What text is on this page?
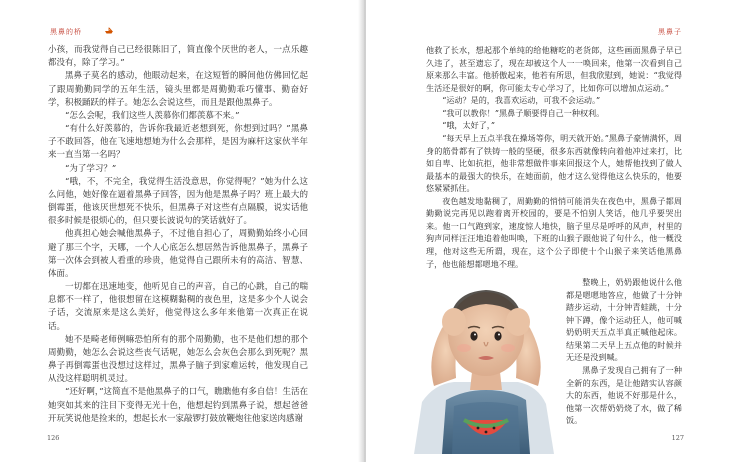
黑鼻的桥

小孩，而我觉得自己已经很陈旧了，简直像个厌世的老人，一点乐趣都没有，除了学习。”

黑鼻子莫名的感动，他眼动起来，在这短暂的瞬间他仿佛回忆起了跟周勤勤同学的五年生活，镜头里都是周勤勤乖巧懂事、勤奋好学，积极踊跃的样子。她怎么会说这些，而且是跟他黑鼻子。

“怎么会呢，我们这些人羡慕你们都羡慕不来。”

“有什么好羡慕的，告诉你我最近老想到死，你想到过吗？”黑鼻子不敢回答，他在飞速地想她为什么会那样，是因为麻杆这家伙半年来一直当第一名吗？

“为了学习？”

“哦，不，不完全，我觉得生活没意思，你觉得呢？”她为什么这么问他，她好像在逼着黑鼻子回答，因为他是黑鼻子吗？班上最大的倒霉蛋，他该厌世想死不快乐，但黑鼻子对这些有点隔膜，说实话他很多时候是很烦心的，但只要长波说句的笑话就好了。

他真担心她会喊他黑鼻子，不过他自担心了，周勤勤始终小心回避了那三个字，天哪，一个人心底怎么想居然告诉他黑鼻子，黑鼻子第一次体会到被人看重的珍贵，他觉得自己跟所未有的高洁、智慧、体面。

一切都在迅速地变，他听见自己的声音，自己的心跳，自己的喘息都不一样了，他很想留在这模糊黏稠的夜色里，这是多少个人说会子话，交流原来是这么美好，他觉得这么多年来他第一次真正在说话。

她不是畸老师例嘛恐怕所有的那个周勤勤，也不是他们想的那个周勤勤，她怎么会说这些丧气话呢，她怎么会灰色会那么到死呢？黑鼻子再倒霉蛋也没想过这样过，黑鼻子脑子到家难运转，他发现自己从没这样聪明机灵过。

“还好啊，”这简直不是他黑鼻子的口气，瞧瞧他有多自信！生活在她突如其来的注目下变得无光十色，他想起钓到黑鼻子说，想起爸爸开玩笑说他是捡来的，想起长水一家敲锣打鼓放鞭炮往他家送肉感谢

126
黑鼻子

他救了长水，想起那个单纯的给他糖吃的老货郎，这些画面黑鼻子早已久违了，甚至遗忘了，现在却被这个人一一唤回来，他第一次看到自己原来那么丰富。他骄傲起来，他若有所思，但我欣慰到，她说：“我觉得生活还是很好的啊，你可能太专心学习了，比如你可以增加点运动。”

“运动？是的，我喜欢运动，可我不会运动。”

“我可以教你！”黑鼻子顺要得自己一种权利。

“哦，太好了，”

“每天早上五点半我在操场等你，明天就开始。”黑鼻子豪情满怀，周身的筋骨都有了铁铸一般的坚硬，很多东西就像转向着他冲过来打，比如自卑、比如抗拒，他非常想做件事来回报这个人，她帮他找到了做人最基本的最强大的快乐，在她面前，他才这么觉得他这么快乐的，他要悠紧紧抓住。

夜色越发地黏稠了，周勤勤的悄悄可能消失在夜色中，黑鼻子都周勤勤说完再见以跑着离开校园的，要是不怕别人笑话，他几乎要哭出来。他一口气跑到家，速度惊人地快，脑子里尽是呼呼的风声，村里的狗声同样汪汪地追着他叫唤，下班的山猴子跟他说了句什么，他一概没理，他对这些无所谓，现在，这个公子即使十个山猴子来笑话他黑鼻子，他也能想都嗯地不理。

整晚上，奶奶跟他说什么他都是嗯嗯地答应，他做了十分钟踏步运动，十分钟青蛙跳，十分钟下蹲，像个运动狂人，他可喊奶奶明天五点半真正喊他起床。结果第二天早上五点他的时候并无还是没到喊。

黑鼻子发现自己拥有了一种全新的东西，是让他踏实认容颜大的东西，他说不好那是什么，他第一次帮奶奶烧了水，做了稀饭。

127
